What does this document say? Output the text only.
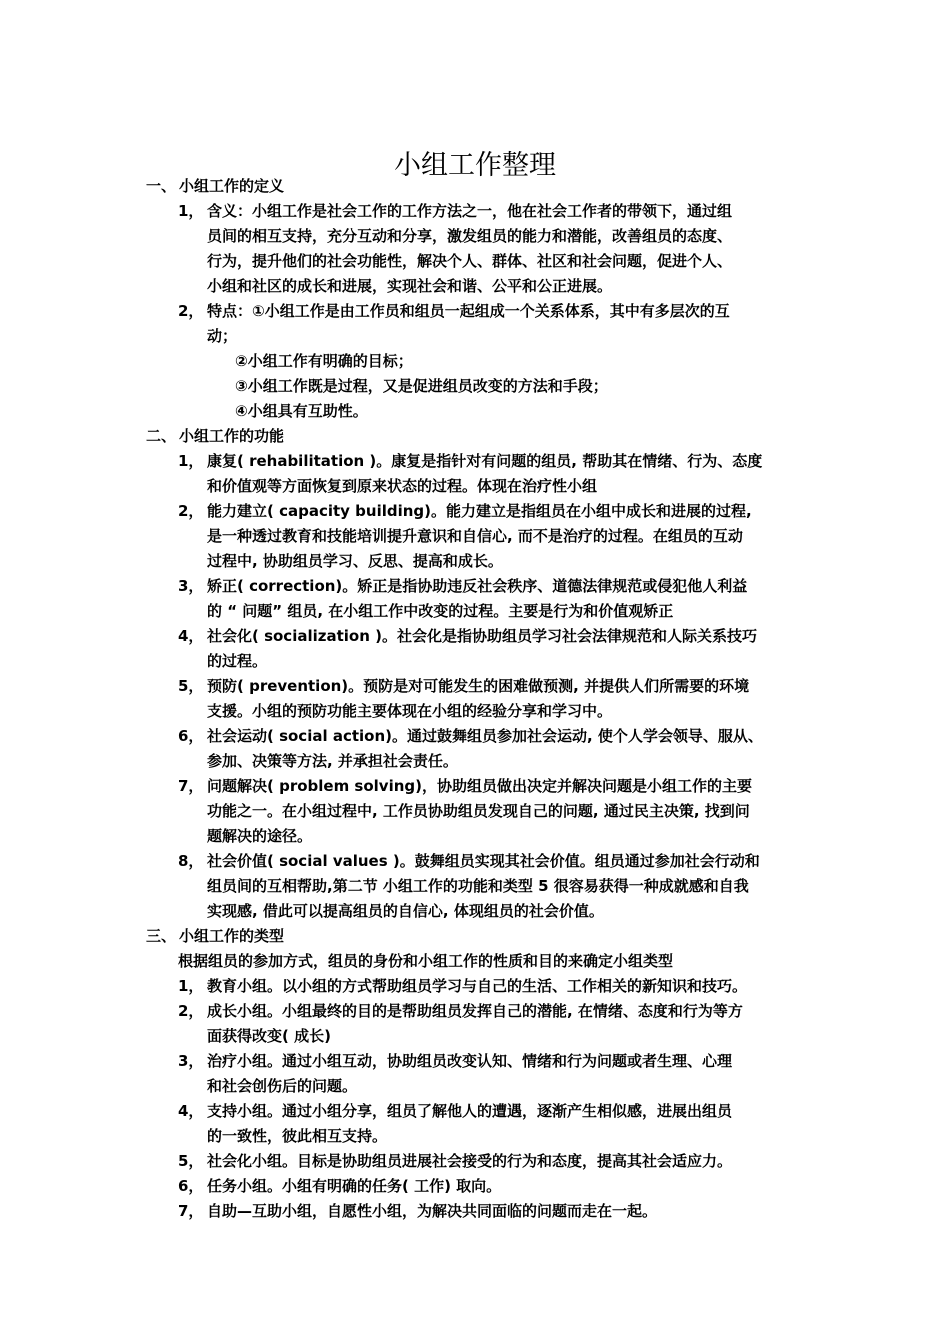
小组工作整理
一、 小组工作的定义
1， 含义：小组工作是社会工作的工作方法之一，他在社会工作者的带领下，通过组
员间的相互支持，充分互动和分享，激发组员的能力和潜能，改善组员的态度、
行为，提升他们的社会功能性，解决个人、群体、社区和社会问题，促进个人、
小组和社区的成长和进展，实现社会和谐、公平和公正进展。
2， 特点：①小组工作是由工作员和组员一起组成一个关系体系，其中有多层次的互
动；
②小组工作有明确的目标；
③小组工作既是过程，又是促进组员改变的方法和手段；
④小组具有互助性。
二、 小组工作的功能
1， 康复( rehabilitation )。康复是指针对有问题的组员, 帮助其在情绪、行为、态度
和价值观等方面恢复到原来状态的过程。体现在治疗性小组
2， 能力建立( capacity building)。能力建立是指组员在小组中成长和进展的过程,
是一种透过教育和技能培训提升意识和自信心, 而不是治疗的过程。在组员的互动
过程中, 协助组员学习、反思、提高和成长。
3， 矫正( correction)。矫正是指协助违反社会秩序、道德法律规范或侵犯他人利益
的 “ 问题” 组员, 在小组工作中改变的过程。主要是行为和价值观矫正
4， 社会化( socialization )。社会化是指协助组员学习社会法律规范和人际关系技巧
的过程。
5， 预防( prevention)。预防是对可能发生的困难做预测, 并提供人们所需要的环境
支援。小组的预防功能主要体现在小组的经验分享和学习中。
6， 社会运动( social action)。通过鼓舞组员参加社会运动, 使个人学会领导、服从、
参加、决策等方法, 并承担社会责任。
7， 问题解决( problem solving)，协助组员做出决定并解决问题是小组工作的主要
功能之一。在小组过程中, 工作员协助组员发现自己的问题, 通过民主决策, 找到问
题解决的途径。
8， 社会价值( social values )。鼓舞组员实现其社会价值。组员通过参加社会行动和
组员间的互相帮助,第二节 小组工作的功能和类型 5 很容易获得一种成就感和自我
实现感, 借此可以提高组员的自信心, 体现组员的社会价值。
三、 小组工作的类型
根据组员的参加方式，组员的身份和小组工作的性质和目的来确定小组类型
1， 教育小组。以小组的方式帮助组员学习与自己的生活、工作相关的新知识和技巧。
2， 成长小组。小组最终的目的是帮助组员发挥自己的潜能, 在情绪、态度和行为等方
面获得改变( 成长)
3， 治疗小组。通过小组互动，协助组员改变认知、情绪和行为问题或者生理、心理
和社会创伤后的问题。
4， 支持小组。通过小组分享，组员了解他人的遭遇，逐渐产生相似感，进展出组员
的一致性，彼此相互支持。
5， 社会化小组。目标是协助组员进展社会接受的行为和态度，提高其社会适应力。
6， 任务小组。小组有明确的任务( 工作) 取向。
7， 自助—互助小组，自愿性小组，为解决共同面临的问题而走在一起。
